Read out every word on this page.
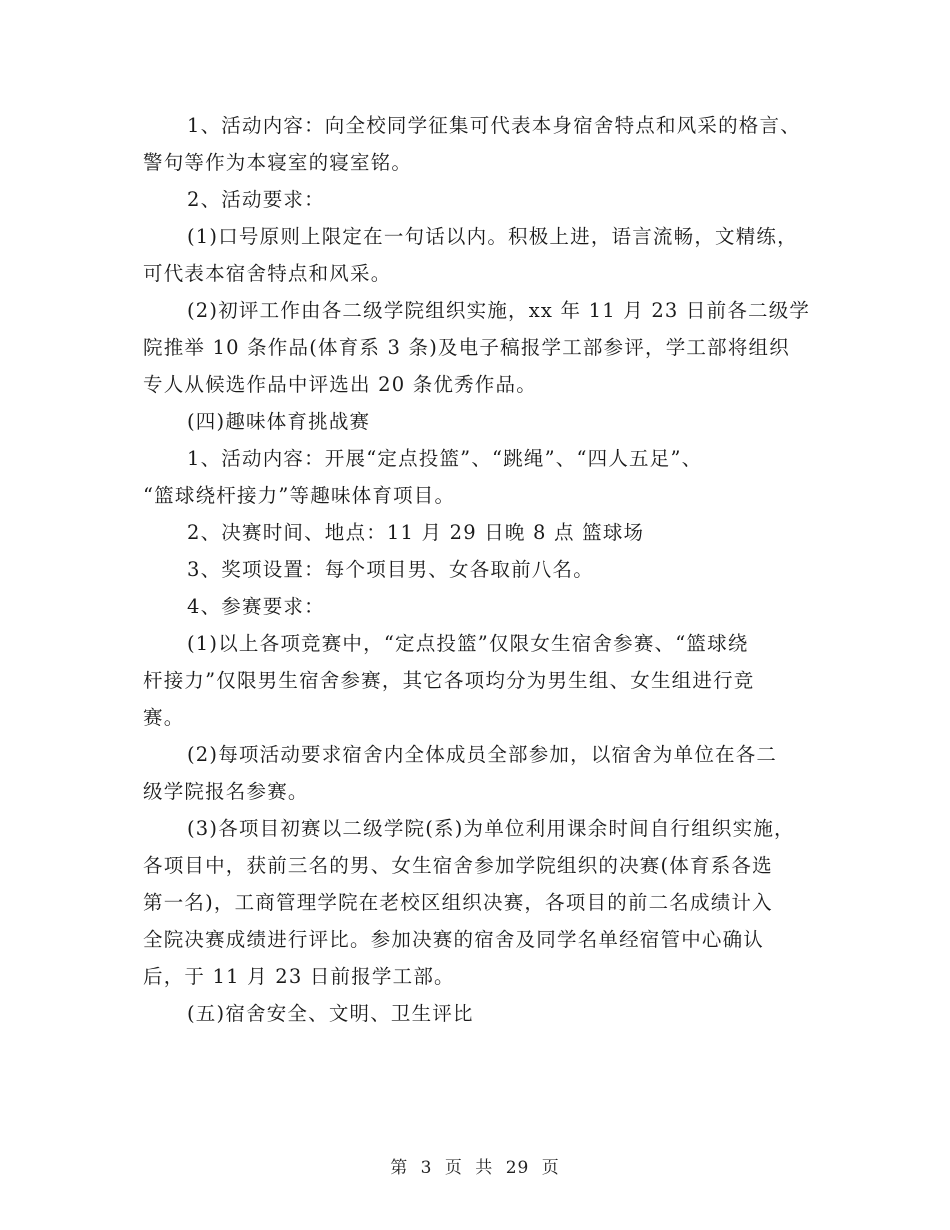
1、活动内容：向全校同学征集可代表本身宿舍特点和风采的格言、
警句等作为本寝室的寝室铭。

2、活动要求：

(1)口号原则上限定在一句话以内。积极上进，语言流畅，文精练，
可代表本宿舍特点和风采。

(2)初评工作由各二级学院组织实施，xx 年 11 月 23 日前各二级学
院推举 10 条作品(体育系 3 条)及电子稿报学工部参评，学工部将组织
专人从候选作品中评选出 20 条优秀作品。

(四)趣味体育挑战赛

1、活动内容：开展“定点投篮”、“跳绳”、“四人五足”、
“篮球绕杆接力”等趣味体育项目。

2、决赛时间、地点：11 月 29 日晚 8 点 篮球场

3、奖项设置：每个项目男、女各取前八名。

4、参赛要求：

(1)以上各项竞赛中，“定点投篮”仅限女生宿舍参赛、“篮球绕
杆接力”仅限男生宿舍参赛，其它各项均分为男生组、女生组进行竞
赛。

(2)每项活动要求宿舍内全体成员全部参加，以宿舍为单位在各二
级学院报名参赛。

(3)各项目初赛以二级学院(系)为单位利用课余时间自行组织实施，
各项目中，获前三名的男、女生宿舍参加学院组织的决赛(体育系各选
第一名)，工商管理学院在老校区组织决赛，各项目的前二名成绩计入
全院决赛成绩进行评比。参加决赛的宿舍及同学名单经宿管中心确认
后，于 11 月 23 日前报学工部。

(五)宿舍安全、文明、卫生评比

第 3 页 共 29 页
